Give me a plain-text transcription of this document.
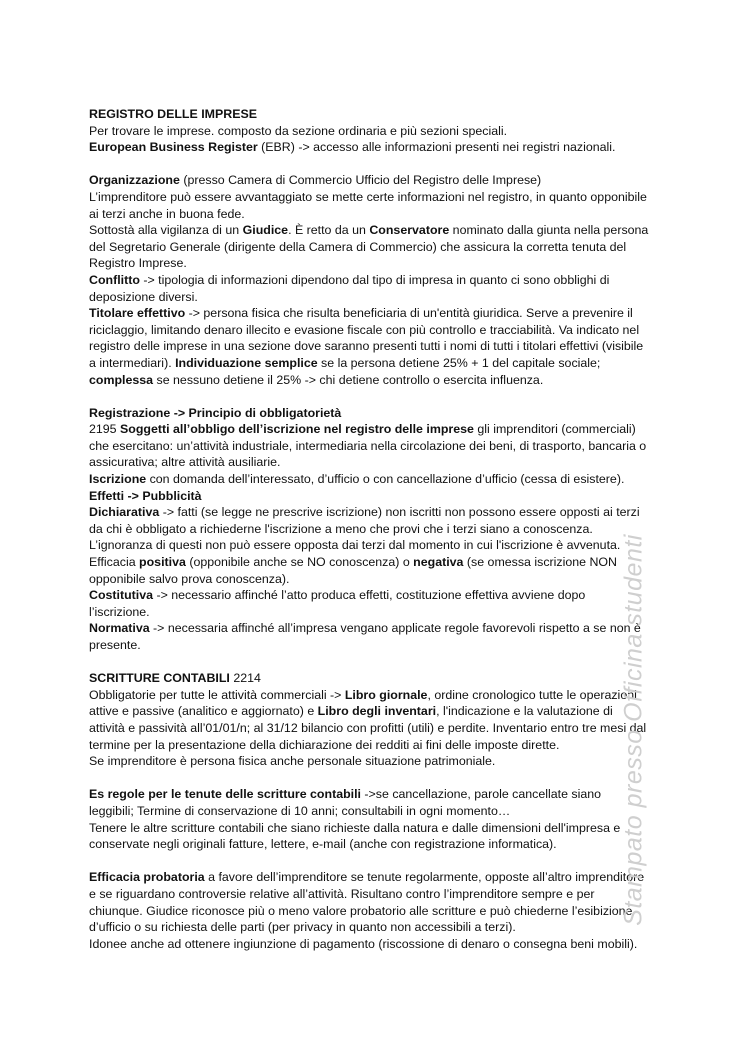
REGISTRO DELLE IMPRESE
Per trovare le imprese. composto da sezione ordinaria e più sezioni speciali.
European Business Register (EBR) -> accesso alle informazioni presenti nei registri nazionali.
Organizzazione (presso Camera di Commercio Ufficio del Registro delle Imprese)
L’imprenditore può essere avvantaggiato se mette certe informazioni nel registro, in quanto opponibile
ai terzi anche in buona fede.
Sottostà alla vigilanza di un Giudice. È retto da un Conservatore nominato dalla giunta nella persona
del Segretario Generale (dirigente della Camera di Commercio) che assicura la corretta tenuta del
Registro Imprese.
Conflitto -> tipologia di informazioni dipendono dal tipo di impresa in quanto ci sono obblighi di
deposizione diversi.
Titolare effettivo -> persona fisica che risulta beneficiaria di un'entità giuridica. Serve a prevenire il
riciclaggio, limitando denaro illecito e evasione fiscale con più controllo e tracciabilità. Va indicato nel
registro delle imprese in una sezione dove saranno presenti tutti i nomi di tutti i titolari effettivi (visibile
a intermediari). Individuazione semplice se la persona detiene 25% + 1 del capitale sociale;
complessa se nessuno detiene il 25% -> chi detiene controllo o esercita influenza.
Registrazione -> Principio di obbligatorietà
2195 Soggetti all’obbligo dell’iscrizione nel registro delle imprese gli imprenditori (commerciali)
che esercitano: un’attività industriale, intermediaria nella circolazione dei beni, di trasporto, bancaria o
assicurativa; altre attività ausiliarie.
Iscrizione con domanda dell’interessato, d’ufficio o con cancellazione d’ufficio (cessa di esistere).
Effetti -> Pubblicità
Dichiarativa -> fatti (se legge ne prescrive iscrizione) non iscritti non possono essere opposti ai terzi
da chi è obbligato a richiederne l'iscrizione a meno che provi che i terzi siano a conoscenza.
L’ignoranza di questi non può essere opposta dai terzi dal momento in cui l'iscrizione è avvenuta.
Efficacia positiva (opponibile anche se NO conoscenza) o negativa (se omessa iscrizione NON
opponibile salvo prova conoscenza).
Costitutiva -> necessario affinché l’atto produca effetti, costituzione effettiva avviene dopo
l’iscrizione.
Normativa -> necessaria affinché all’impresa vengano applicate regole favorevoli rispetto a se non è
presente.
SCRITTURE CONTABILI 2214
Obbligatorie per tutte le attività commerciali -> Libro giornale, ordine cronologico tutte le operazioni
attive e passive (analitico e aggiornato) e Libro degli inventari, l'indicazione e la valutazione di
attività e passività all’01/01/n; al 31/12 bilancio con profitti (utili) e perdite. Inventario entro tre mesi dal
termine per la presentazione della dichiarazione dei redditi ai fini delle imposte dirette.
Se imprenditore è persona fisica anche personale situazione patrimoniale.
Es regole per le tenute delle scritture contabili ->se cancellazione, parole cancellate siano
leggibili; Termine di conservazione di 10 anni; consultabili in ogni momento…
Tenere le altre scritture contabili che siano richieste dalla natura e dalle dimensioni dell'impresa e
conservate negli originali fatture, lettere, e-mail (anche con registrazione informatica).
Efficacia probatoria a favore dell’imprenditore se tenute regolarmente, opposte all’altro imprenditore
e se riguardano controversie relative all’attività. Risultano contro l’imprenditore sempre e per
chiunque. Giudice riconosce più o meno valore probatorio alle scritture e può chiederne l’esibizione
d’ufficio o su richiesta delle parti (per privacy in quanto non accessibili a terzi).
Idonee anche ad ottenere ingiunzione di pagamento (riscossione di denaro o consegna beni mobili).
Stampato presso Officina studenti
